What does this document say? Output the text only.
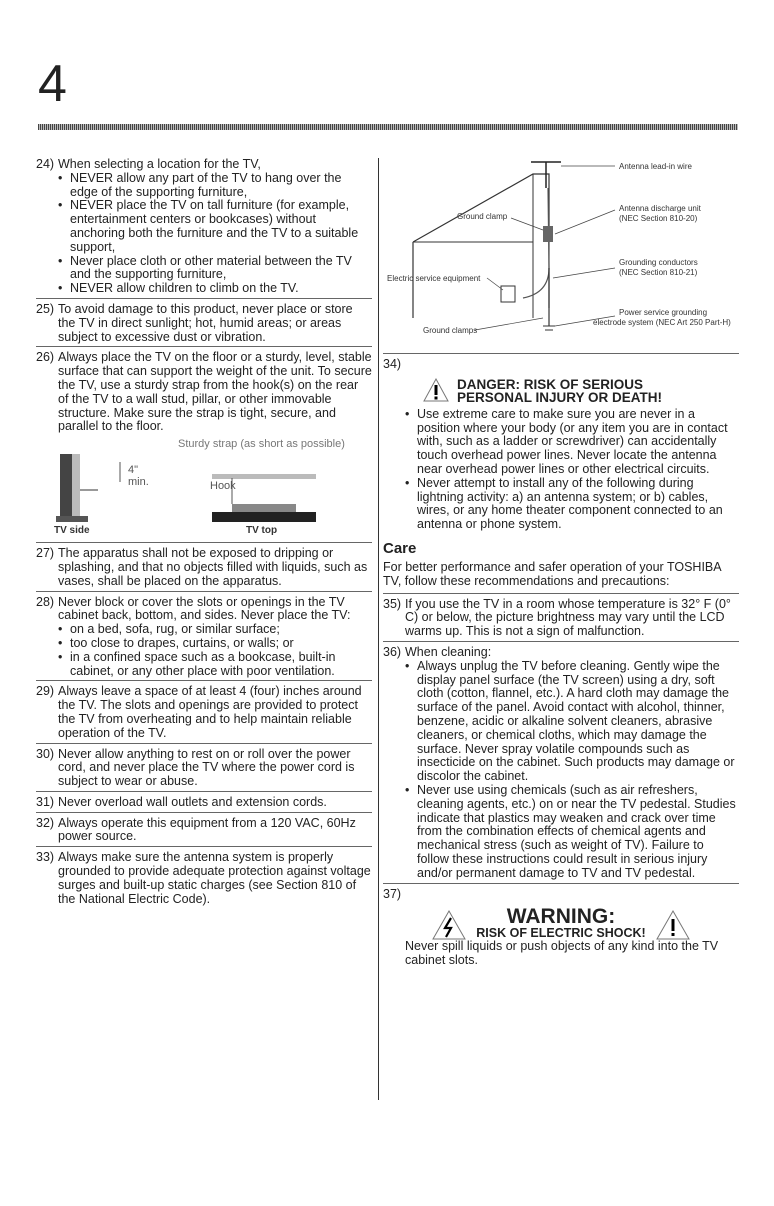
4
24) When selecting a location for the TV,
• NEVER allow any part of the TV to hang over the edge of the supporting furniture,
• NEVER place the TV on tall furniture (for example, entertainment centers or bookcases) without anchoring both the furniture and the TV to a suitable support,
• Never place cloth or other material between the TV and the supporting furniture,
• NEVER allow children to climb on the TV.
25) To avoid damage to this product, never place or store the TV in direct sunlight; hot, humid areas; or areas subject to excessive dust or vibration.
26) Always place the TV on the floor or a sturdy, level, stable surface that can support the weight of the unit. To secure the TV, use a sturdy strap from the hook(s) on the rear of the TV to a wall stud, pillar, or other immovable structure. Make sure the strap is tight, secure, and parallel to the floor.
Sturdy strap (as short as possible)
4"
min.	Hook
TV side	TV top
27) The apparatus shall not be exposed to dripping or splashing, and that no objects filled with liquids, such as vases, shall be placed on the apparatus.
28) Never block or cover the slots or openings in the TV cabinet back, bottom, and sides. Never place the TV:
• on a bed, sofa, rug, or similar surface;
• too close to drapes, curtains, or walls; or
• in a confined space such as a bookcase, built-in cabinet, or any other place with poor ventilation.
29) Always leave a space of at least 4 (four) inches around the TV. The slots and openings are provided to protect the TV from overheating and to help maintain reliable operation of the TV.
30) Never allow anything to rest on or roll over the power cord, and never place the TV where the power cord is subject to wear or abuse.
31) Never overload wall outlets and extension cords.
32) Always operate this equipment from a 120 VAC, 60Hz power source.
33) Always make sure the antenna system is properly grounded to provide adequate protection against voltage surges and built-up static charges (see Section 810 of the National Electric Code).
Antenna lead-in wire
Antenna discharge unit
(NEC Section 810-20)
Ground clamp
Grounding conductors
(NEC Section 810-21)
Electric service equipment
Power service grounding
electrode system (NEC Art 250 Part-H)
Ground clamps
34)
DANGER: RISK OF SERIOUS
PERSONAL INJURY OR DEATH!
• Use extreme care to make sure you are never in a position where your body (or any item you are in contact with, such as a ladder or screwdriver) can accidentally touch overhead power lines. Never locate the antenna near overhead power lines or other electrical circuits.
• Never attempt to install any of the following during lightning activity: a) an antenna system; or b) cables, wires, or any home theater component connected to an antenna or phone system.
Care
For better performance and safer operation of your TOSHIBA TV, follow these recommendations and precautions:
35) If you use the TV in a room whose temperature is 32° F (0° C) or below, the picture brightness may vary until the LCD warms up. This is not a sign of malfunction.
36) When cleaning:
• Always unplug the TV before cleaning. Gently wipe the display panel surface (the TV screen) using a dry, soft cloth (cotton, flannel, etc.). A hard cloth may damage the surface of the panel. Avoid contact with alcohol, thinner, benzene, acidic or alkaline solvent cleaners, abrasive cleaners, or chemical cloths, which may damage the surface. Never spray volatile compounds such as insecticide on the cabinet. Such products may damage or discolor the cabinet.
• Never use using chemicals (such as air refreshers, cleaning agents, etc.) on or near the TV pedestal. Studies indicate that plastics may weaken and crack over time from the combination effects of chemical agents and mechanical stress (such as weight of TV). Failure to follow these instructions could result in serious injury and/or permanent damage to TV and TV pedestal.
37)
WARNING:
RISK OF ELECTRIC SHOCK!
Never spill liquids or push objects of any kind into the TV cabinet slots.
